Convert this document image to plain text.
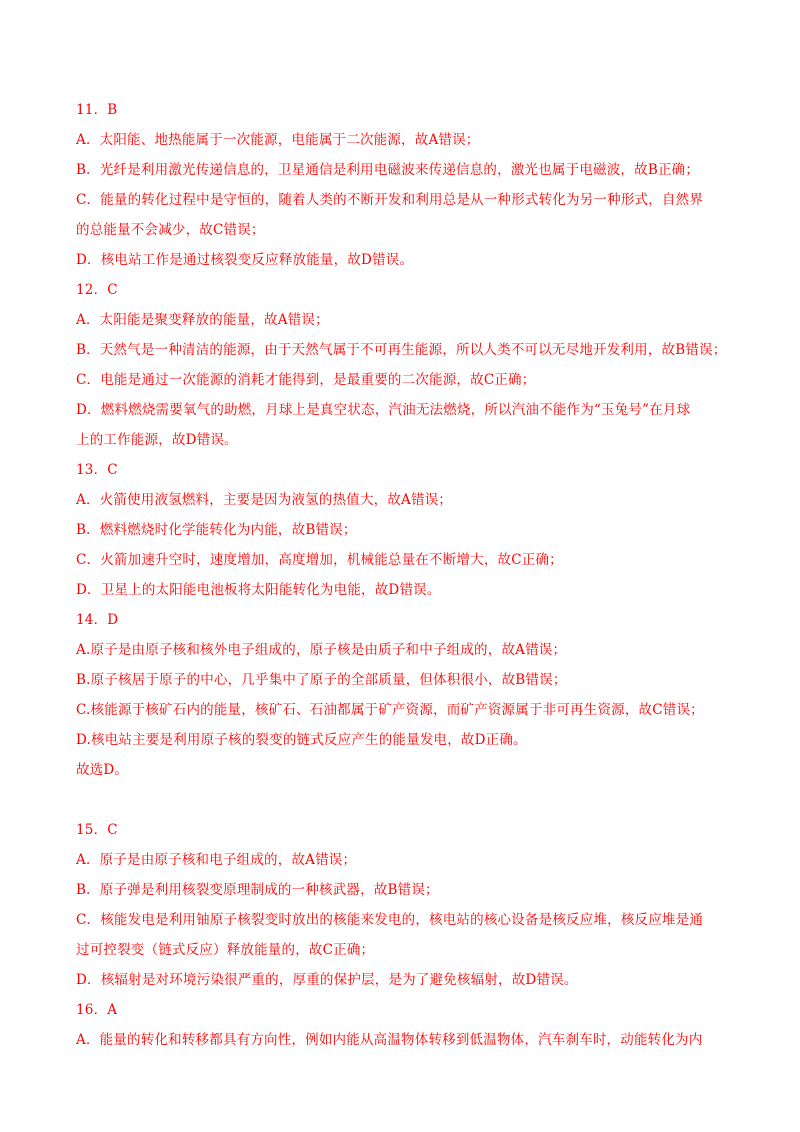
11．B
A．太阳能、地热能属于一次能源，电能属于二次能源，故A错误；
B．光纤是利用激光传递信息的，卫星通信是利用电磁波来传递信息的，激光也属于电磁波，故B正确；
C．能量的转化过程中是守恒的，随着人类的不断开发和利用总是从一种形式转化为另一种形式，自然界
的总能量不会减少，故C错误；
D．核电站工作是通过核裂变反应释放能量，故D错误。
12．C
A．太阳能是聚变释放的能量，故A错误；
B．天然气是一种清洁的能源，由于天然气属于不可再生能源，所以人类不可以无尽地开发利用，故B错误；
C．电能是通过一次能源的消耗才能得到，是最重要的二次能源，故C正确；
D．燃料燃烧需要氧气的助燃，月球上是真空状态，汽油无法燃烧，所以汽油不能作为“玉兔号”在月球
上的工作能源，故D错误。
13．C
A．火箭使用液氢燃料，主要是因为液氢的热值大，故A错误；
B．燃料燃烧时化学能转化为内能，故B错误；
C．火箭加速升空时，速度增加，高度增加，机械能总量在不断增大，故C正确；
D．卫星上的太阳能电池板将太阳能转化为电能，故D错误。
14．D
A.原子是由原子核和核外电子组成的，原子核是由质子和中子组成的，故A错误；
B.原子核居于原子的中心，几乎集中了原子的全部质量，但体积很小，故B错误；
C.核能源于核矿石内的能量，核矿石、石油都属于矿产资源，而矿产资源属于非可再生资源，故C错误；
D.核电站主要是利用原子核的裂变的链式反应产生的能量发电，故D正确。
故选D。
15．C
A．原子是由原子核和电子组成的，故A错误；
B．原子弹是利用核裂变原理制成的一种核武器，故B错误；
C．核能发电是利用铀原子核裂变时放出的核能来发电的，核电站的核心设备是核反应堆，核反应堆是通
过可控裂变（链式反应）释放能量的，故C正确；
D．核辐射是对环境污染很严重的，厚重的保护层，是为了避免核辐射，故D错误。
16．A
A．能量的转化和转移都具有方向性，例如内能从高温物体转移到低温物体，汽车刹车时，动能转化为内
